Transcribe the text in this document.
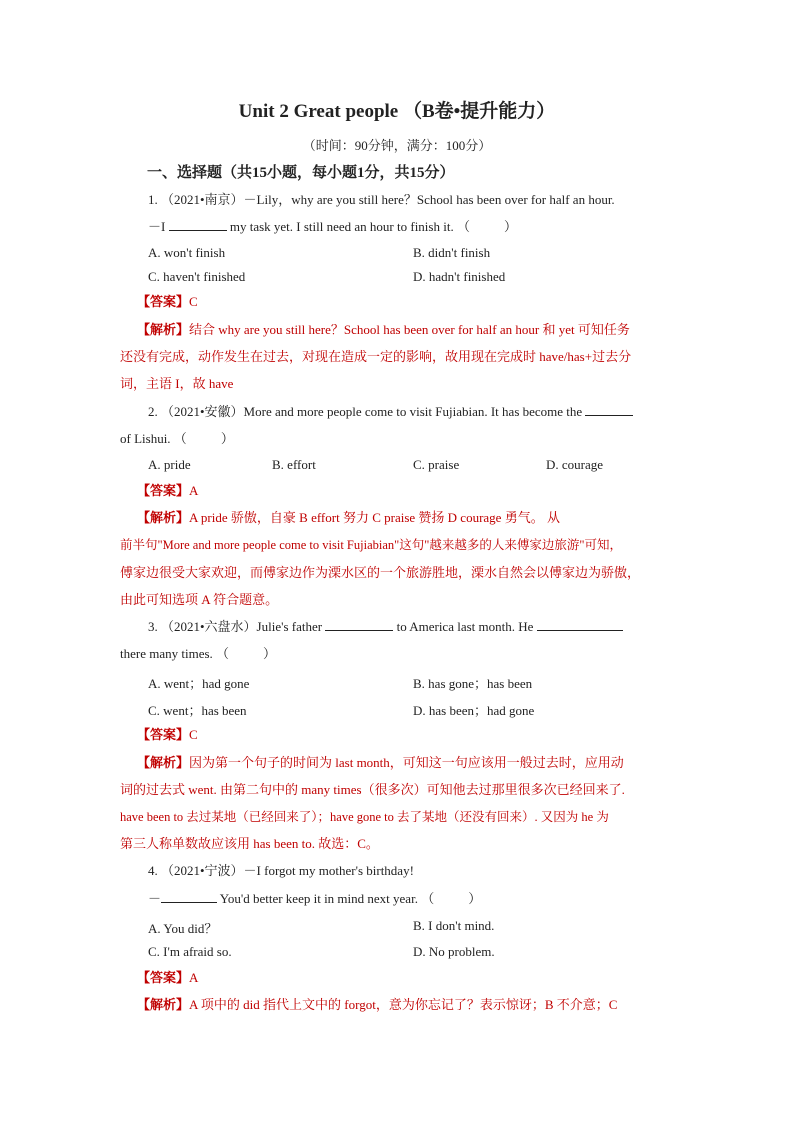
Unit 2 Great people （B卷•提升能力）
（时间：90分钟，满分：100分）
一、选择题（共15小题，每小题1分，共15分）
1. （2021•南京）－Lily，why are you still here？School has been over for half an hour.
－I	my task yet. I still need an hour to finish it. （	）
A. won't finish	B. didn't finish
C. haven't finished	D. hadn't finished
【答案】C
【解析】结合 why are you still here？School has been over for half an hour 和 yet 可知任务
还没有完成，动作发生在过去，对现在造成一定的影响，故用现在完成时 have/has+过去分
词，主语 I，故 have
2. （2021•安徽）More and more people come to visit Fujiabian. It has become the
of Lishui. （	）
A. pride	B. effort	C. praise	D. courage
【答案】A
【解析】A pride 骄傲，自豪 B effort 努力 C praise 赞扬 D courage 勇气。 从
前半句"More and more people come to visit Fujiabian"这句"越来越多的人来傅家边旅游"可知，
傅家边很受大家欢迎，而傅家边作为溧水区的一个旅游胜地，溧水自然会以傅家边为骄傲，
由此可知选项 A 符合题意。
3. （2021•六盘水）Julie's father	to America last month. He
there many times. （	）
A. went；had gone	B. has gone；has been
C. went；has been	D. has been；had gone
【答案】C
【解析】因为第一个句子的时间为 last month，可知这一句应该用一般过去时，应用动
词的过去式 went. 由第二句中的 many times（很多次）可知他去过那里很多次已经回来了.
have been to 去过某地（已经回来了）；have gone to 去了某地（还没有回来）. 又因为 he 为
第三人称单数故应该用 has been to. 故选：C。
4. （2021•宁波）－I forgot my mother's birthday!
－	You'd better keep it in mind next year. （	）
A. You did？	B. I don't mind.
C. I'm afraid so.	D. No problem.
【答案】A
【解析】A 项中的 did 指代上文中的 forgot，意为你忘记了？表示惊讶；B 不介意；C
